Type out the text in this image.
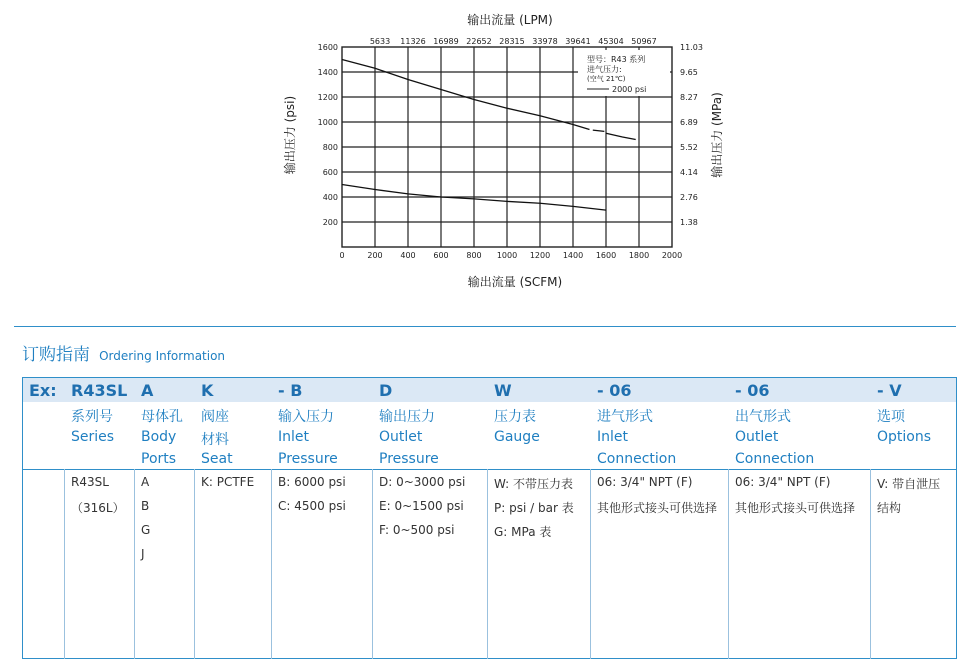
0	200 400 600 800 1000 1200 1400 1600 1800 2000
5633 11326 16989 22652 28315 33978 39641 45304 50967
200
400
600
800
1000
1200
1400
1600
1.38
2.76
4.14
5.52
6.89
8.27
9.65
11.03
输出流量 (LPM)
输出流量 (SCFM)
输出压力 (psi)	输出压力 (MPa)
型号：R43 系列
进气压力:
(空气 21℃)
2000 psi
订购指南 Ordering Information
Ex: R43SL
系列号
Series
R43SL
（316L）
A
母体孔
Body
Ports
A
B
G
J
K
阀座
材料
Seat
K: PCTFE
- B
输入压力
Inlet
Pressure
B: 6000 psi
C: 4500 psi
D
输出压力
Outlet
Pressure
D: 0~3000 psi
E: 0~1500 psi
F: 0~500 psi
W
压力表
Gauge
W: 不带压力表
P: psi / bar 表
G: MPa 表
- 06
进气形式
Inlet
Connection
06: 3/4" NPT (F)
其他形式接头可供选择
- 06
出气形式
Outlet
Connection
06: 3/4" NPT (F)
其他形式接头可供选择
- V
选项
Options
V: 带自泄压
结构
